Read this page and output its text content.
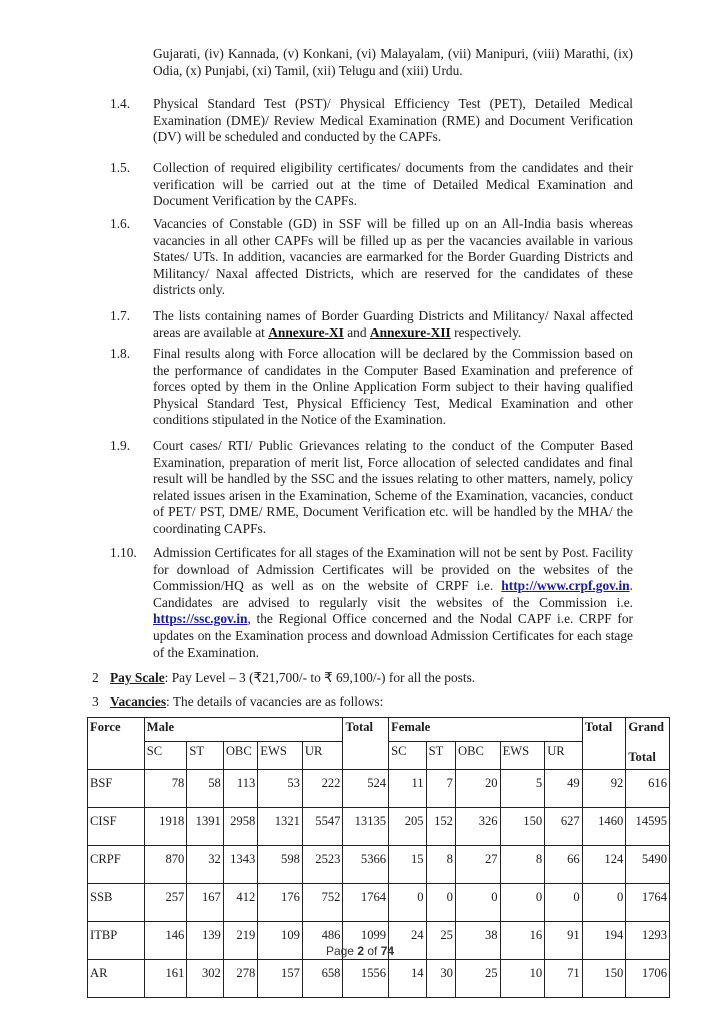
Gujarati, (iv) Kannada, (v) Konkani, (vi) Malayalam, (vii) Manipuri, (viii) Marathi, (ix) Odia, (x) Punjabi, (xi) Tamil, (xii) Telugu and (xiii) Urdu.
1.4. Physical Standard Test (PST)/ Physical Efficiency Test (PET), Detailed Medical Examination (DME)/ Review Medical Examination (RME) and Document Verification (DV) will be scheduled and conducted by the CAPFs.
1.5. Collection of required eligibility certificates/ documents from the candidates and their verification will be carried out at the time of Detailed Medical Examination and Document Verification by the CAPFs.
1.6. Vacancies of Constable (GD) in SSF will be filled up on an All-India basis whereas vacancies in all other CAPFs will be filled up as per the vacancies available in various States/ UTs. In addition, vacancies are earmarked for the Border Guarding Districts and Militancy/ Naxal affected Districts, which are reserved for the candidates of these districts only.
1.7. The lists containing names of Border Guarding Districts and Militancy/ Naxal affected areas are available at Annexure-XI and Annexure-XII respectively.
1.8. Final results along with Force allocation will be declared by the Commission based on the performance of candidates in the Computer Based Examination and preference of forces opted by them in the Online Application Form subject to their having qualified Physical Standard Test, Physical Efficiency Test, Medical Examination and other conditions stipulated in the Notice of the Examination.
1.9. Court cases/ RTI/ Public Grievances relating to the conduct of the Computer Based Examination, preparation of merit list, Force allocation of selected candidates and final result will be handled by the SSC and the issues relating to other matters, namely, policy related issues arisen in the Examination, Scheme of the Examination, vacancies, conduct of PET/ PST, DME/ RME, Document Verification etc. will be handled by the MHA/ the coordinating CAPFs.
1.10. Admission Certificates for all stages of the Examination will not be sent by Post. Facility for download of Admission Certificates will be provided on the websites of the Commission/HQ as well as on the website of CRPF i.e. http://www.crpf.gov.in. Candidates are advised to regularly visit the websites of the Commission i.e. https://ssc.gov.in, the Regional Office concerned and the Nodal CAPF i.e. CRPF for updates on the Examination process and download Admission Certificates for each stage of the Examination.
2 Pay Scale: Pay Level – 3 (₹21,700/- to ₹ 69,100/-) for all the posts.
3 Vacancies: The details of vacancies are as follows:
Force	Male					Total	Female					Total	Grand

Total
	SC	ST	OBC	EWS	UR		SC	ST	OBC	EWS	UR		
BSF	78	58	113	53	222	524	11	7	20	5	49	92	616
CISF	1918	1391	2958	1321	5547	13135	205	152	326	150	627	1460	14595
CRPF	870	32	1343	598	2523	5366	15	8	27	8	66	124	5490
SSB	257	167	412	176	752	1764	0	0	0	0	0	0	1764
ITBP	146	139	219	109	486	1099	24	25	38	16	91	194	1293
AR	161	302	278	157	658	1556	14	30	25	10	71	150	1706
Page 2 of 74
